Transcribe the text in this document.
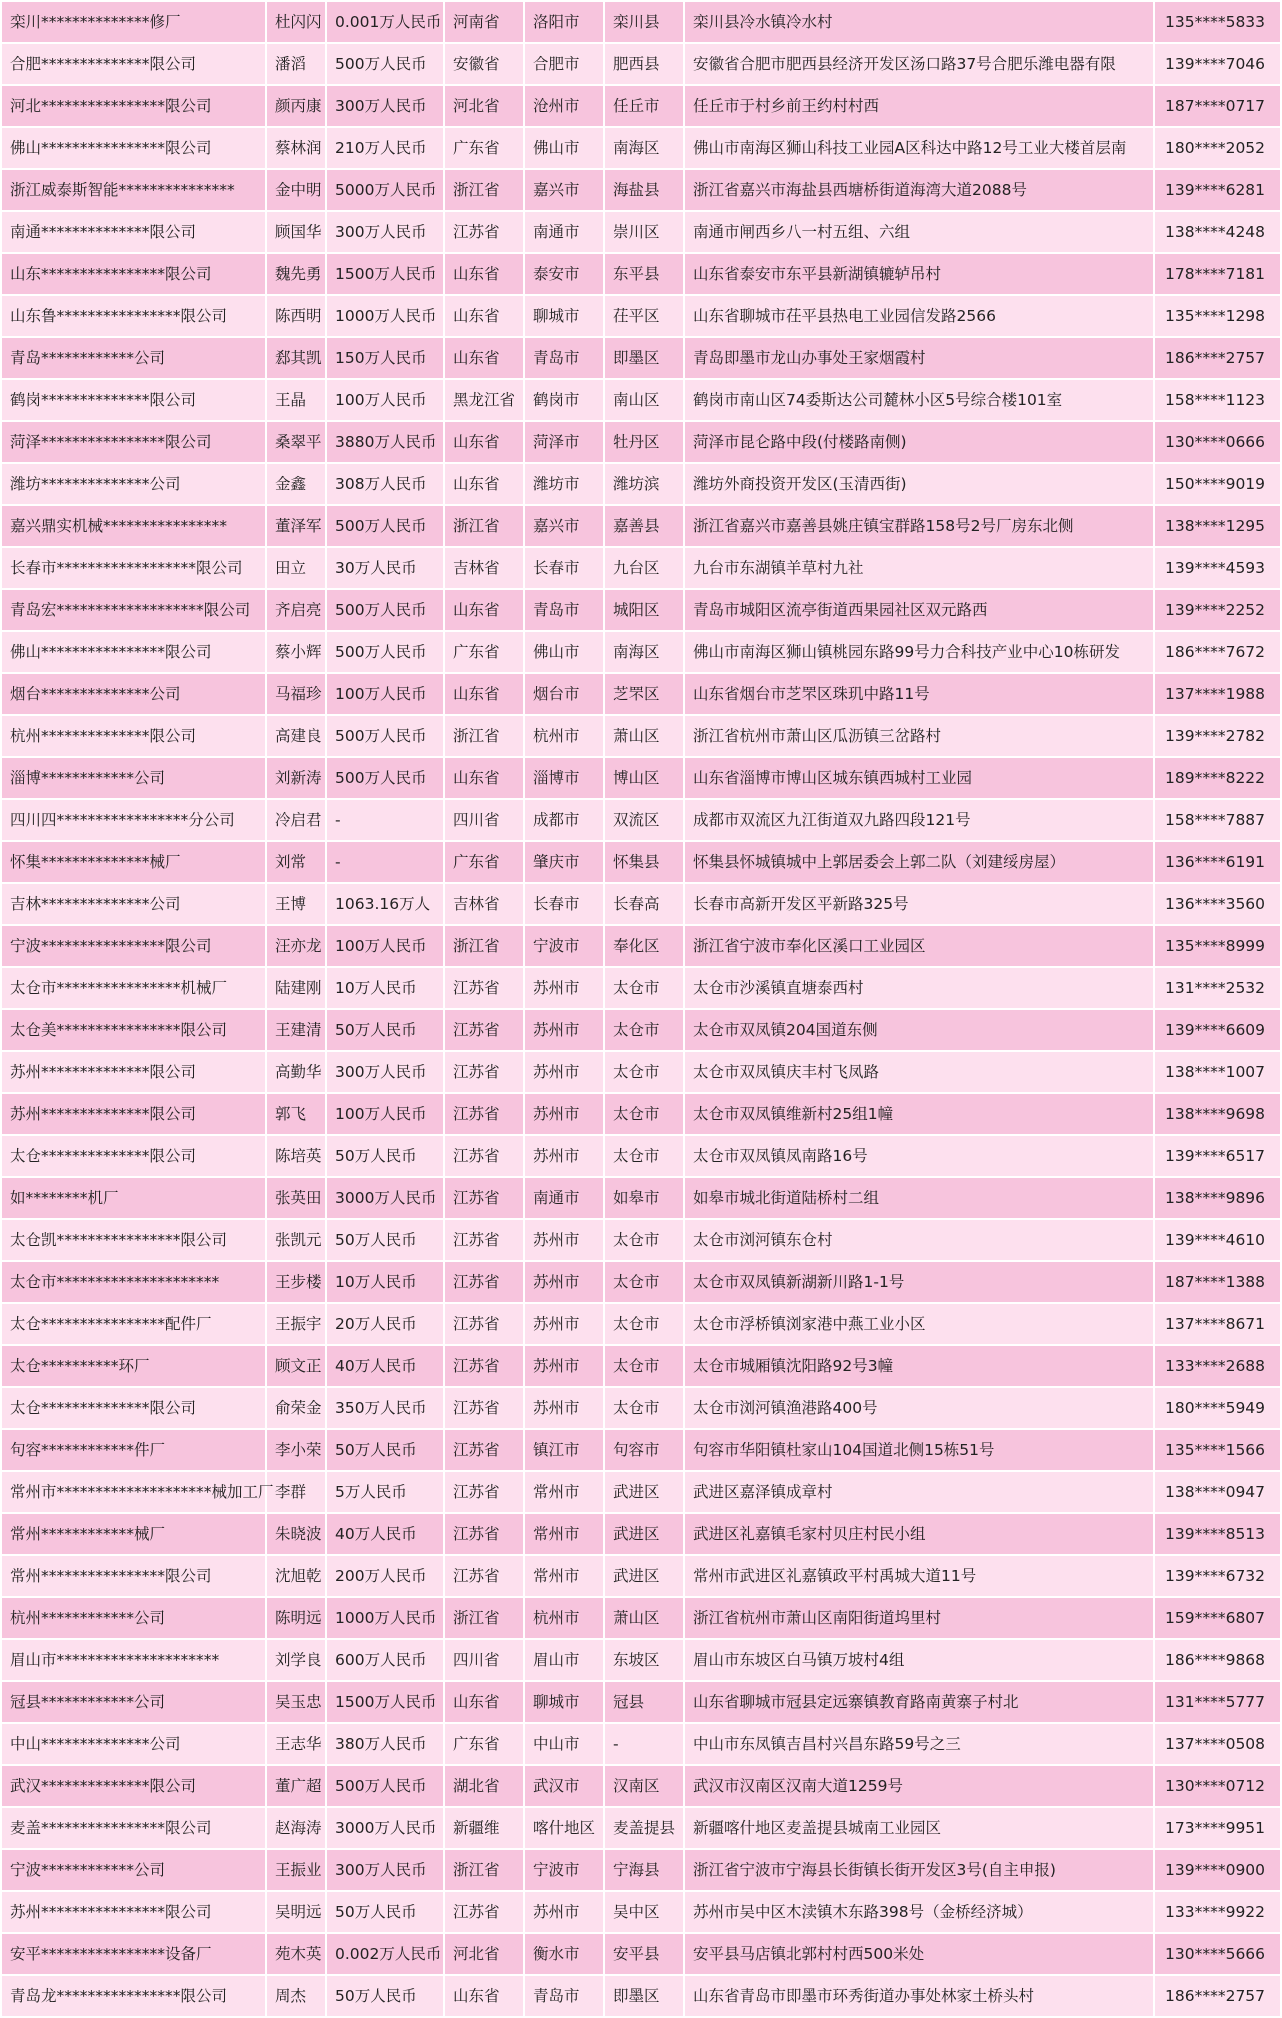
栾川**************修厂	杜闪闪	0.001万人民币	河南省	洛阳市	栾川县	栾川县冷水镇冷水村	135****5833
合肥**************限公司	潘滔	500万人民币	安徽省	合肥市	肥西县	安徽省合肥市肥西县经济开发区汤口路37号合肥乐潍电器有限	139****7046
河北****************限公司	颜丙康	300万人民币	河北省	沧州市	任丘市	任丘市于村乡前王约村村西	187****0717
佛山****************限公司	蔡林润	210万人民币	广东省	佛山市	南海区	佛山市南海区狮山科技工业园A区科达中路12号工业大楼首层南	180****2052
浙江威泰斯智能***************	金中明	5000万人民币	浙江省	嘉兴市	海盐县	浙江省嘉兴市海盐县西塘桥街道海湾大道2088号	139****6281
南通**************限公司	顾国华	300万人民币	江苏省	南通市	崇川区	南通市闸西乡八一村五组、六组	138****4248
山东****************限公司	魏先勇	1500万人民币	山东省	泰安市	东平县	山东省泰安市东平县新湖镇辘轳吊村	178****7181
山东鲁****************限公司	陈西明	1000万人民币	山东省	聊城市	茌平区	山东省聊城市茌平县热电工业园信发路2566	135****1298
青岛************公司	郄其凯	150万人民币	山东省	青岛市	即墨区	青岛即墨市龙山办事处王家烟霞村	186****2757
鹤岗**************限公司	王晶	100万人民币	黑龙江省	鹤岗市	南山区	鹤岗市南山区74委斯达公司麓林小区5号综合楼101室	158****1123
菏泽****************限公司	桑翠平	3880万人民币	山东省	菏泽市	牡丹区	菏泽市昆仑路中段(付楼路南侧)	130****0666
潍坊**************公司	金鑫	308万人民币	山东省	潍坊市	潍坊滨	潍坊外商投资开发区(玉清西街)	150****9019
嘉兴鼎实机械****************	董泽军	500万人民币	浙江省	嘉兴市	嘉善县	浙江省嘉兴市嘉善县姚庄镇宝群路158号2号厂房东北侧	138****1295
长春市******************限公司	田立	30万人民币	吉林省	长春市	九台区	九台市东湖镇羊草村九社	139****4593
青岛宏*******************限公司	齐启亮	500万人民币	山东省	青岛市	城阳区	青岛市城阳区流亭街道西果园社区双元路西	139****2252
佛山****************限公司	蔡小辉	500万人民币	广东省	佛山市	南海区	佛山市南海区狮山镇桃园东路99号力合科技产业中心10栋研发	186****7672
烟台**************公司	马福珍	100万人民币	山东省	烟台市	芝罘区	山东省烟台市芝罘区珠玑中路11号	137****1988
杭州**************限公司	高建良	500万人民币	浙江省	杭州市	萧山区	浙江省杭州市萧山区瓜沥镇三岔路村	139****2782
淄博************公司	刘新涛	500万人民币	山东省	淄博市	博山区	山东省淄博市博山区城东镇西城村工业园	189****8222
四川四*****************分公司	冷启君	-	四川省	成都市	双流区	成都市双流区九江街道双九路四段121号	158****7887
怀集**************械厂	刘常	-	广东省	肇庆市	怀集县	怀集县怀城镇城中上郭居委会上郭二队（刘建绥房屋）	136****6191
吉林**************公司	王博	1063.16万人	吉林省	长春市	长春高	长春市高新开发区平新路325号	136****3560
宁波****************限公司	汪亦龙	100万人民币	浙江省	宁波市	奉化区	浙江省宁波市奉化区溪口工业园区	135****8999
太仓市****************机械厂	陆建刚	10万人民币	江苏省	苏州市	太仓市	太仓市沙溪镇直塘泰西村	131****2532
太仓美****************限公司	王建清	50万人民币	江苏省	苏州市	太仓市	太仓市双凤镇204国道东侧	139****6609
苏州**************限公司	高勤华	300万人民币	江苏省	苏州市	太仓市	太仓市双凤镇庆丰村飞凤路	138****1007
苏州**************限公司	郭飞	100万人民币	江苏省	苏州市	太仓市	太仓市双凤镇维新村25组1幢	138****9698
太仓**************限公司	陈培英	50万人民币	江苏省	苏州市	太仓市	太仓市双凤镇凤南路16号	139****6517
如********机厂	张英田	3000万人民币	江苏省	南通市	如皋市	如皋市城北街道陆桥村二组	138****9896
太仓凯****************限公司	张凯元	50万人民币	江苏省	苏州市	太仓市	太仓市浏河镇东仓村	139****4610
太仓市*********************	王步楼	10万人民币	江苏省	苏州市	太仓市	太仓市双凤镇新湖新川路1-1号	187****1388
太仓****************配件厂	王振宇	20万人民币	江苏省	苏州市	太仓市	太仓市浮桥镇浏家港中燕工业小区	137****8671
太仓**********环厂	顾文正	40万人民币	江苏省	苏州市	太仓市	太仓市城厢镇沈阳路92号3幢	133****2688
太仓**************限公司	俞荣金	350万人民币	江苏省	苏州市	太仓市	太仓市浏河镇渔港路400号	180****5949
句容************件厂	李小荣	50万人民币	江苏省	镇江市	句容市	句容市华阳镇杜家山104国道北侧15栋51号	135****1566
常州市********************械加工厂	李群	5万人民币	江苏省	常州市	武进区	武进区嘉泽镇成章村	138****0947
常州************械厂	朱晓波	40万人民币	江苏省	常州市	武进区	武进区礼嘉镇毛家村贝庄村民小组	139****8513
常州****************限公司	沈旭乾	200万人民币	江苏省	常州市	武进区	常州市武进区礼嘉镇政平村禹城大道11号	139****6732
杭州************公司	陈明远	1000万人民币	浙江省	杭州市	萧山区	浙江省杭州市萧山区南阳街道坞里村	159****6807
眉山市*********************	刘学良	600万人民币	四川省	眉山市	东坡区	眉山市东坡区白马镇万坡村4组	186****9868
冠县************公司	吴玉忠	1500万人民币	山东省	聊城市	冠县	山东省聊城市冠县定远寨镇教育路南黄寨子村北	131****5777
中山**************公司	王志华	380万人民币	广东省	中山市	-	中山市东凤镇吉昌村兴昌东路59号之三	137****0508
武汉**************限公司	董广超	500万人民币	湖北省	武汉市	汉南区	武汉市汉南区汉南大道1259号	130****0712
麦盖****************限公司	赵海涛	3000万人民币	新疆维	喀什地区	麦盖提县	新疆喀什地区麦盖提县城南工业园区	173****9951
宁波************公司	王振业	300万人民币	浙江省	宁波市	宁海县	浙江省宁波市宁海县长街镇长街开发区3号(自主申报)	139****0900
苏州****************限公司	吴明远	50万人民币	江苏省	苏州市	吴中区	苏州市吴中区木渎镇木东路398号（金桥经济城）	133****9922
安平****************设备厂	苑木英	0.002万人民币	河北省	衡水市	安平县	安平县马店镇北郭村村西500米处	130****5666
青岛龙****************限公司	周杰	50万人民币	山东省	青岛市	即墨区	山东省青岛市即墨市环秀街道办事处林家土桥头村	186****2757
